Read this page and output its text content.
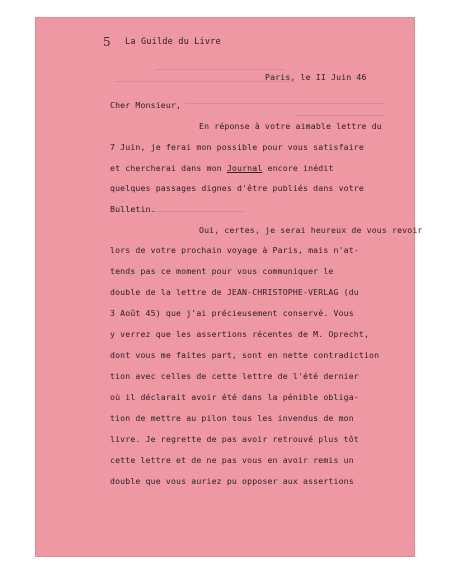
5 La Guilde du Livre
Paris, le II Juin 46
Cher Monsieur,
En réponse à votre aimable lettre du
7 Juin, je ferai mon possible pour vous satisfaire
et chercherai dans mon Journal encore inédit
quelques passages dignes d'être publiés dans votre
Bulletin.
Oui, certes, je serai heureux de vous revoir
lors de votre prochain voyage à Paris, mais n'at-
tends pas ce moment pour vous communiquer le
double de la lettre de JEAN-CHRISTOPHE-VERLAG (du
3 Août 45) que j'ai précieusement conservé. Vous
y verrez que les assertions récentes de M. Oprecht,
dont vous me faites part, sont en nette contradiction
tion avec celles de cette lettre de l'été dernier
où il déclarait avoir été dans la pénible obliga-
tion de mettre au pilon tous les invendus de mon
livre. Je regrette de pas avoir retrouvé plus tôt
cette lettre et de ne pas vous en avoir remis un
double que vous auriez pu opposer aux assertions
